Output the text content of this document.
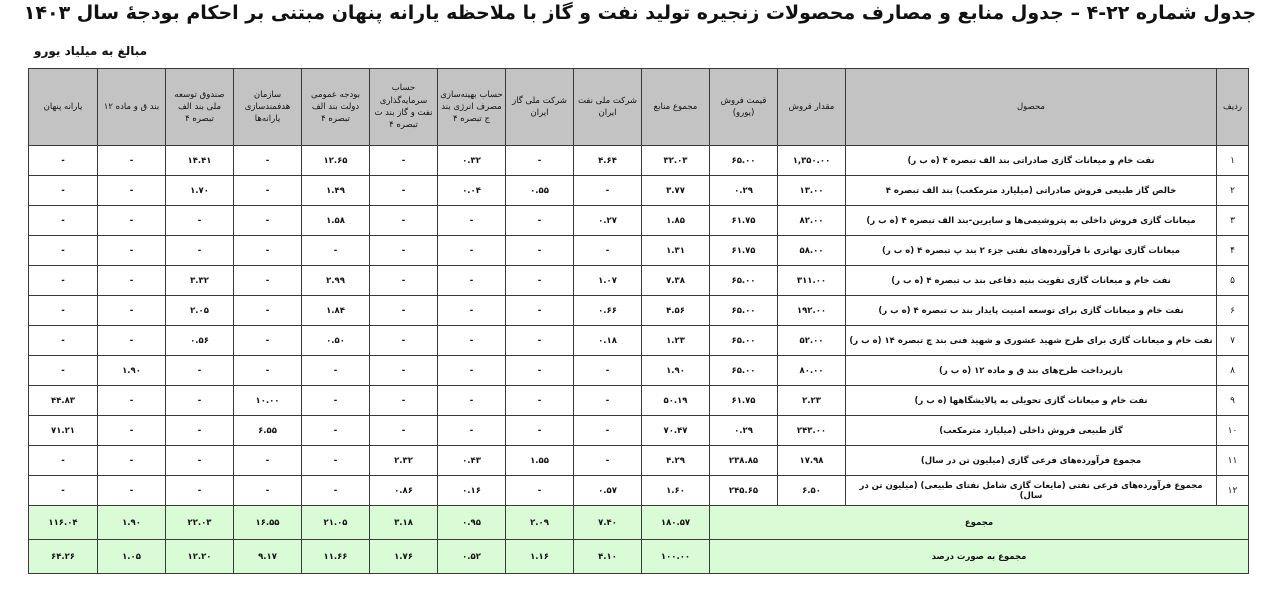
جدول شماره ۲۲-۴ – جدول منابع و مصارف محصولات زنجیره تولید نفت و گاز با ملاحظه یارانه پنهان مبتنی بر احکام بودجهٔ سال ۱۴۰۳
مبالغ به میلیاد یورو
ردیف	محصول	مقدار فروش	قیمت فروش (یورو)	مجموع منابع	شرکت ملی نفت ایران	شرکت ملی گاز ایران	حساب بهینه‌سازی مصرف انرژی بند ج تبصره ۴	حساب سرمایه‌گذاری نفت و گاز بند ت تبصره ۴	بودجه عمومی دولت بند الف تبصره ۴	سازمان هدفمندسازی یارانه‌ها	صندوق توسعه ملی بند الف تبصره ۴	بند ق و ماده ۱۲	یارانه پنهان
۱	نفت خام و میعانات گازی صادراتی بند الف تبصره ۴ (ه ب ر)	۱,۳۵۰.۰۰	۶۵.۰۰	۳۲.۰۳	۴.۶۴	-	۰.۳۲	-	۱۲.۶۵	-	۱۴.۴۱	-	-
۲	خالص گاز طبیعی فروش صادراتی (میلیارد مترمکعب) بند الف تبصره ۴	۱۳.۰۰	۰.۲۹	۳.۷۷	-	۰.۵۵	۰.۰۴	-	۱.۴۹	-	۱.۷۰	-	-
۳	میعانات گازی فروش داخلی به پتروشیمی‌ها و سایرین-بند الف تبصره ۴ (ه ب ر)	۸۲.۰۰	۶۱.۷۵	۱.۸۵	۰.۲۷	-	-	-	۱.۵۸	-	-	-	-
۴	میعانات گازی تهاتری با فرآورده‌های نفتی جزء ۲ بند پ تبصره ۴ (ه ب ر)	۵۸.۰۰	۶۱.۷۵	۱.۳۱	-	-	-	-	-	-	-	-	-
۵	نفت خام و میعانات گازی تقویت بنیه دفاعی بند ب تبصره ۴ (ه ب ر)	۳۱۱.۰۰	۶۵.۰۰	۷.۳۸	۱.۰۷	-	-	-	۲.۹۹	-	۳.۳۲	-	-
۶	نفت خام و میعانات گازی برای توسعه امنیت پایدار بند ب تبصره ۴ (ه ب ر)	۱۹۲.۰۰	۶۵.۰۰	۴.۵۶	۰.۶۶	-	-	-	۱.۸۴	-	۲.۰۵	-	-
۷	نفت خام و میعانات گازی برای طرح شهید عشوری و شهید فنی بند چ تبصره ۱۴ (ه ب ر)	۵۲.۰۰	۶۵.۰۰	۱.۲۳	۰.۱۸	-	-	-	۰.۵۰	-	۰.۵۶	-	-
۸	بازپرداخت طرح‌های بند ق و ماده ۱۲ (ه ب ر)	۸۰.۰۰	۶۵.۰۰	۱.۹۰	-	-	-	-	-	-	-	۱.۹۰	-
۹	نفت خام و میعانات گازی تحویلی به پالایشگاهها (ه ب ر)	۲.۲۳	۶۱.۷۵	۵۰.۱۹	-	-	-	-	-	۱۰.۰۰	-	-	۴۴.۸۳
۱۰	گاز طبیعی فروش داخلی (میلیارد مترمکعب)	۲۴۳.۰۰	۰.۲۹	۷۰.۴۷	-	-	-	-	-	۶.۵۵	-	-	۷۱.۲۱
۱۱	مجموع فرآورده‌های فرعی گازی (میلیون تن در سال)	۱۷.۹۸	۲۳۸.۸۵	۴.۲۹	-	۱.۵۵	۰.۴۳	۲.۳۲	-	-	-	-	-
۱۲	مجموع فرآورده‌های فرعی نفتی (مایعات گازی شامل نفتای طبیعی) (میلیون تن در سال)	۶.۵۰	۲۴۵.۶۵	۱.۶۰	۰.۵۷	-	۰.۱۶	۰.۸۶	-	-	-	-	-
مجموع				۱۸۰.۵۷	۷.۴۰	۲.۰۹	۰.۹۵	۳.۱۸	۲۱.۰۵	۱۶.۵۵	۲۲.۰۳	۱.۹۰	۱۱۶.۰۴
مجموع به صورت درصد				۱۰۰.۰۰	۴.۱۰	۱.۱۶	۰.۵۲	۱.۷۶	۱۱.۶۶	۹.۱۷	۱۲.۲۰	۱.۰۵	۶۴.۲۶
